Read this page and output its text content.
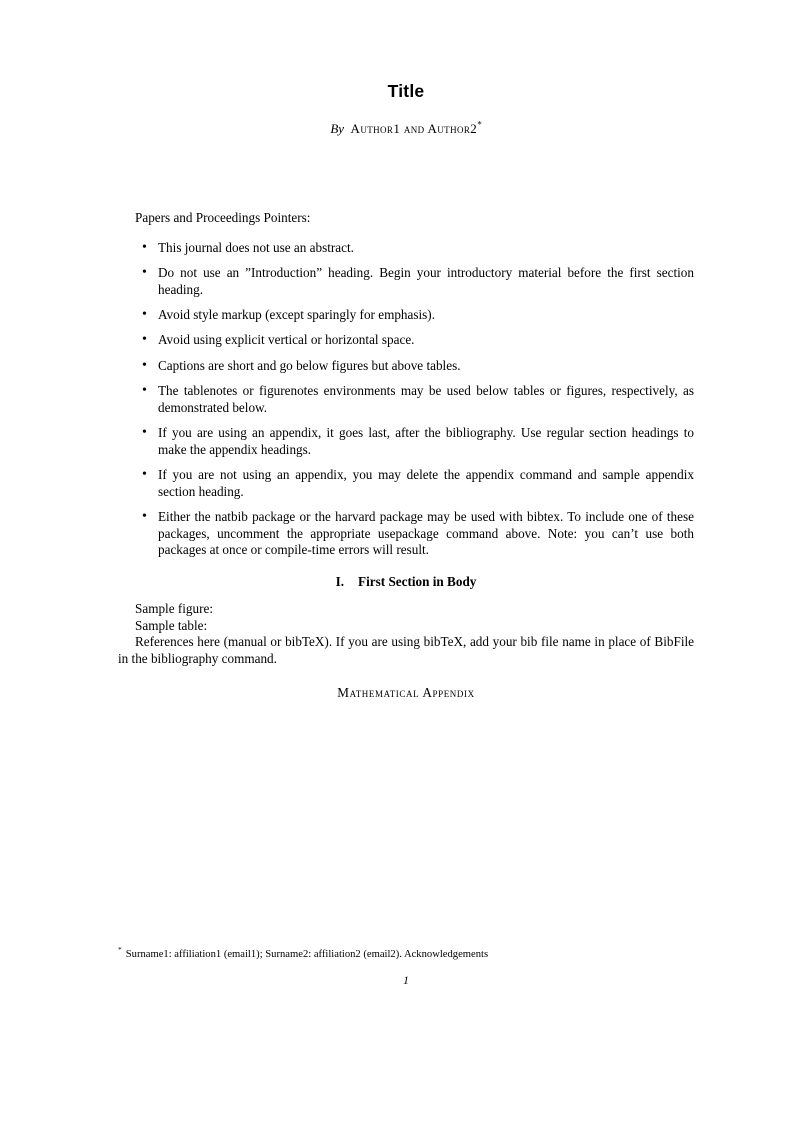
Title
By Author1 and Author2*

Papers and Proceedings Pointers:

• This journal does not use an abstract.
• Do not use an ”Introduction” heading. Begin your introductory material before the first section heading.
• Avoid style markup (except sparingly for emphasis).
• Avoid using explicit vertical or horizontal space.
• Captions are short and go below figures but above tables.
• The tablenotes or figurenotes environments may be used below tables or figures, respectively, as demonstrated below.
• If you are using an appendix, it goes last, after the bibliography. Use regular section headings to make the appendix headings.
• If you are not using an appendix, you may delete the appendix command and sample appendix section heading.
• Either the natbib package or the harvard package may be used with bibtex. To include one of these packages, uncomment the appropriate usepackage command above. Note: you can’t use both packages at once or compile-time errors will result.
I. First Section in Body

Sample figure:

Sample table:

References here (manual or bibTeX). If you are using bibTeX, add your bib file name in place of BibFile in the bibliography command.

Mathematical Appendix
* Surname1: affiliation1 (email1); Surname2: affiliation2 (email2). Acknowledgements
1
